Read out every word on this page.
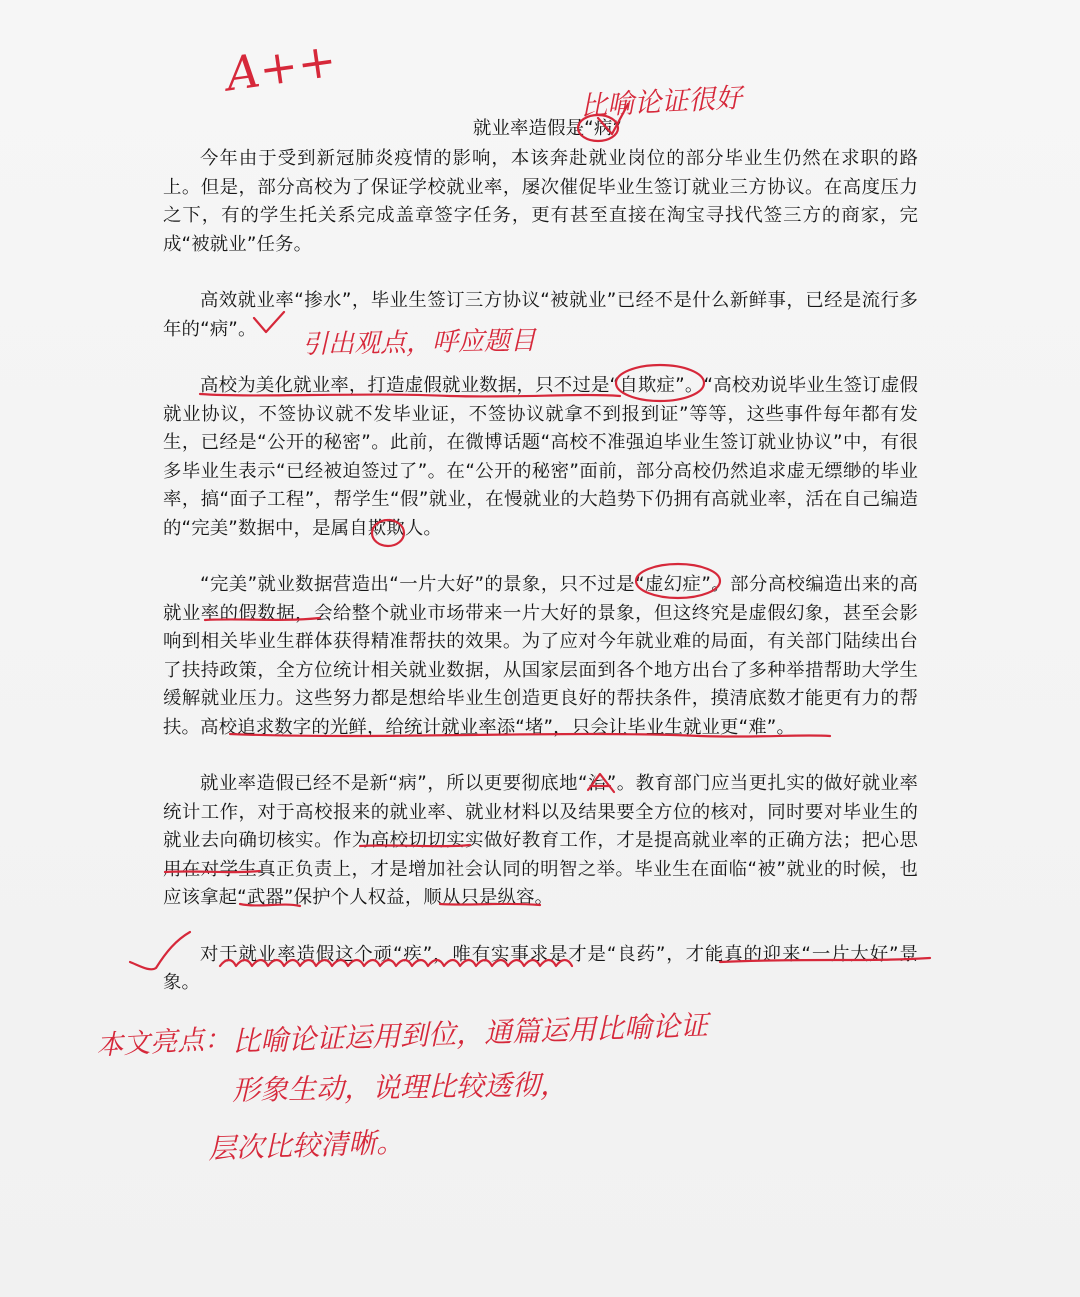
就业率造假是“病”

今年由于受到新冠肺炎疫情的影响，本该奔赴就业岗位的部分毕业生仍然在求职的路上。但是，部分高校为了保证学校就业率，屡次催促毕业生签订就业三方协议。在高度压力之下，有的学生托关系完成盖章签字任务，更有甚至直接在淘宝寻找代签三方的商家，完成“被就业”任务。

高效就业率“掺水”，毕业生签订三方协议“被就业”已经不是什么新鲜事，已经是流行多年的“病”。

高校为美化就业率，打造虚假就业数据，只不过是“自欺症”。“高校劝说毕业生签订虚假就业协议，不签协议就不发毕业证，不签协议就拿不到报到证”等等，这些事件每年都有发生，已经是“公开的秘密”。此前，在微博话题“高校不准强迫毕业生签订就业协议”中，有很多毕业生表示“已经被迫签过了”。在“公开的秘密”面前，部分高校仍然追求虚无缥缈的毕业率，搞“面子工程”，帮学生“假”就业，在慢就业的大趋势下仍拥有高就业率，活在自己编造的“完美”数据中，是属自欺欺人。

“完美”就业数据营造出“一片大好”的景象，只不过是“虚幻症”。部分高校编造出来的高就业率的假数据，会给整个就业市场带来一片大好的景象，但这终究是虚假幻象，甚至会影响到相关毕业生群体获得精准帮扶的效果。为了应对今年就业难的局面，有关部门陆续出台了扶持政策，全方位统计相关就业数据，从国家层面到各个地方出台了多种举措帮助大学生缓解就业压力。这些努力都是想给毕业生创造更良好的帮扶条件，摸清底数才能更有力的帮扶。高校追求数字的光鲜，给统计就业率添“堵”，只会让毕业生就业更“难”。

就业率造假已经不是新“病”，所以更要彻底地“治”。教育部门应当更扎实的做好就业率统计工作，对于高校报来的就业率、就业材料以及结果要全方位的核对，同时要对毕业生的就业去向确切核实。作为高校切切实实做好教育工作，才是提高就业率的正确方法；把心思用在对学生真正负责上，才是增加社会认同的明智之举。毕业生在面临“被”就业的时候，也应该拿起“武器”保护个人权益，顺从只是纵容。

对于就业率造假这个顽“疾”，唯有实事求是才是“良药”，才能真的迎来“一片大好”景象。

A++
比喻论证很好
引出观点，呼应题目
本文亮点： 比喻论证运用到位，通篇运用比喻论证
形象生动，说理比较透彻，
层次比较清晰。
